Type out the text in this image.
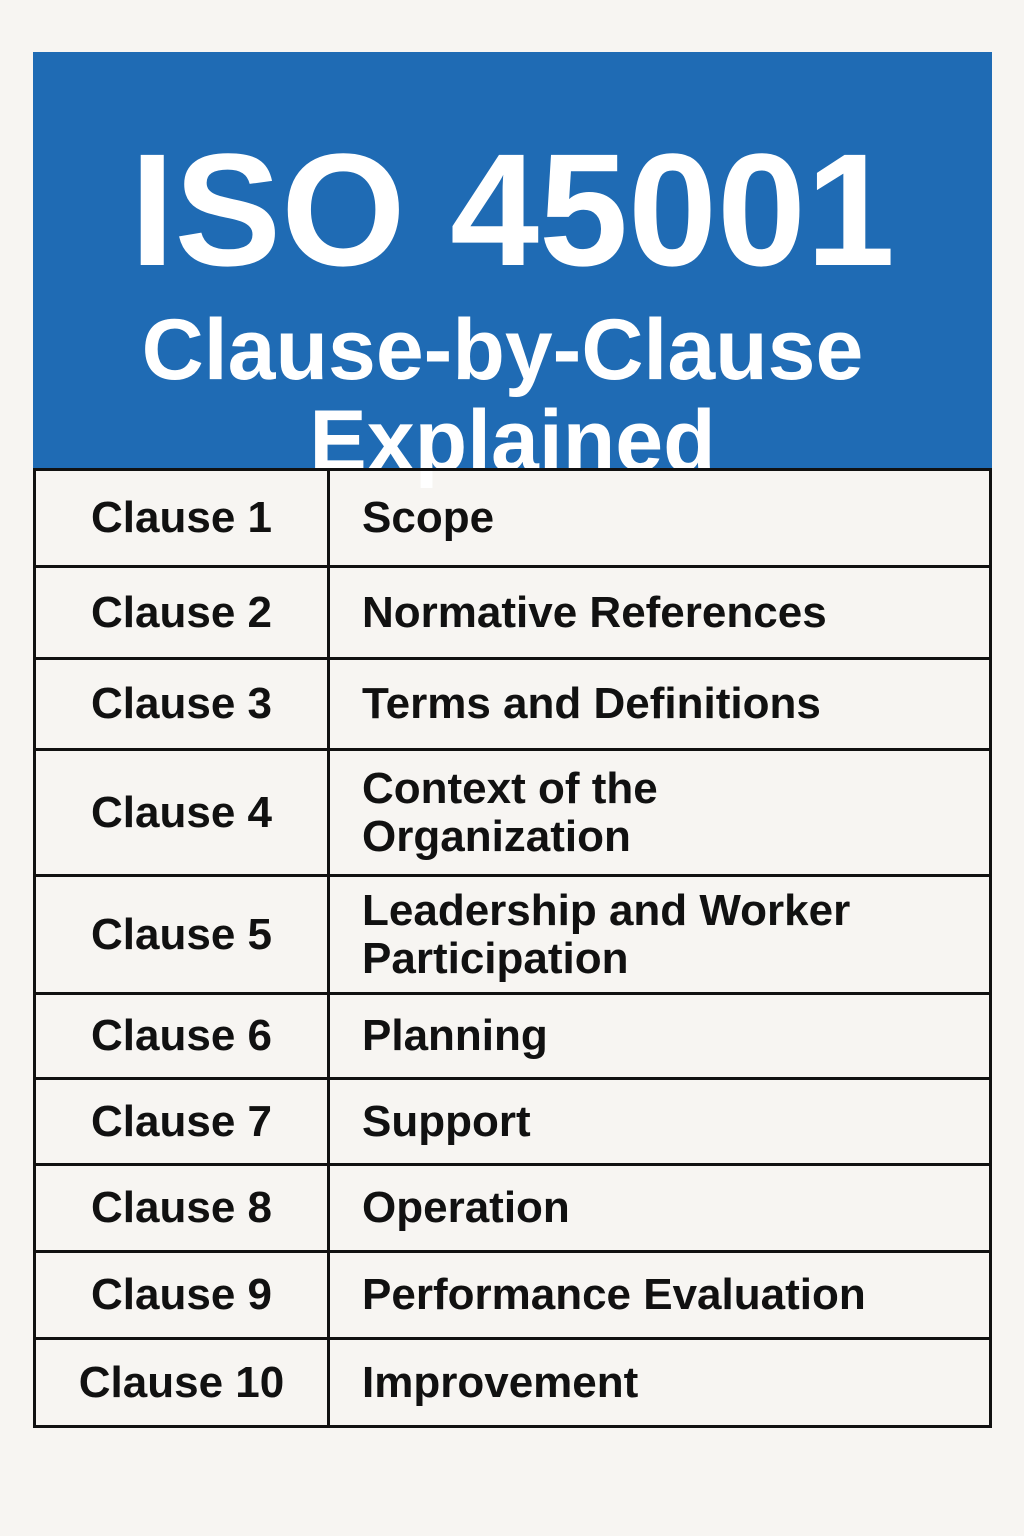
ISO 45001
Clause-by-Clause
Explained
Clause 1	Scope
Clause 2	Normative References
Clause 3	Terms and Definitions
Clause 4	Context of the Organization
Clause 5	Leadership and Worker Participation
Clause 6	Planning
Clause 7	Support
Clause 8	Operation
Clause 9	Performance Evaluation
Clause 10	Improvement
